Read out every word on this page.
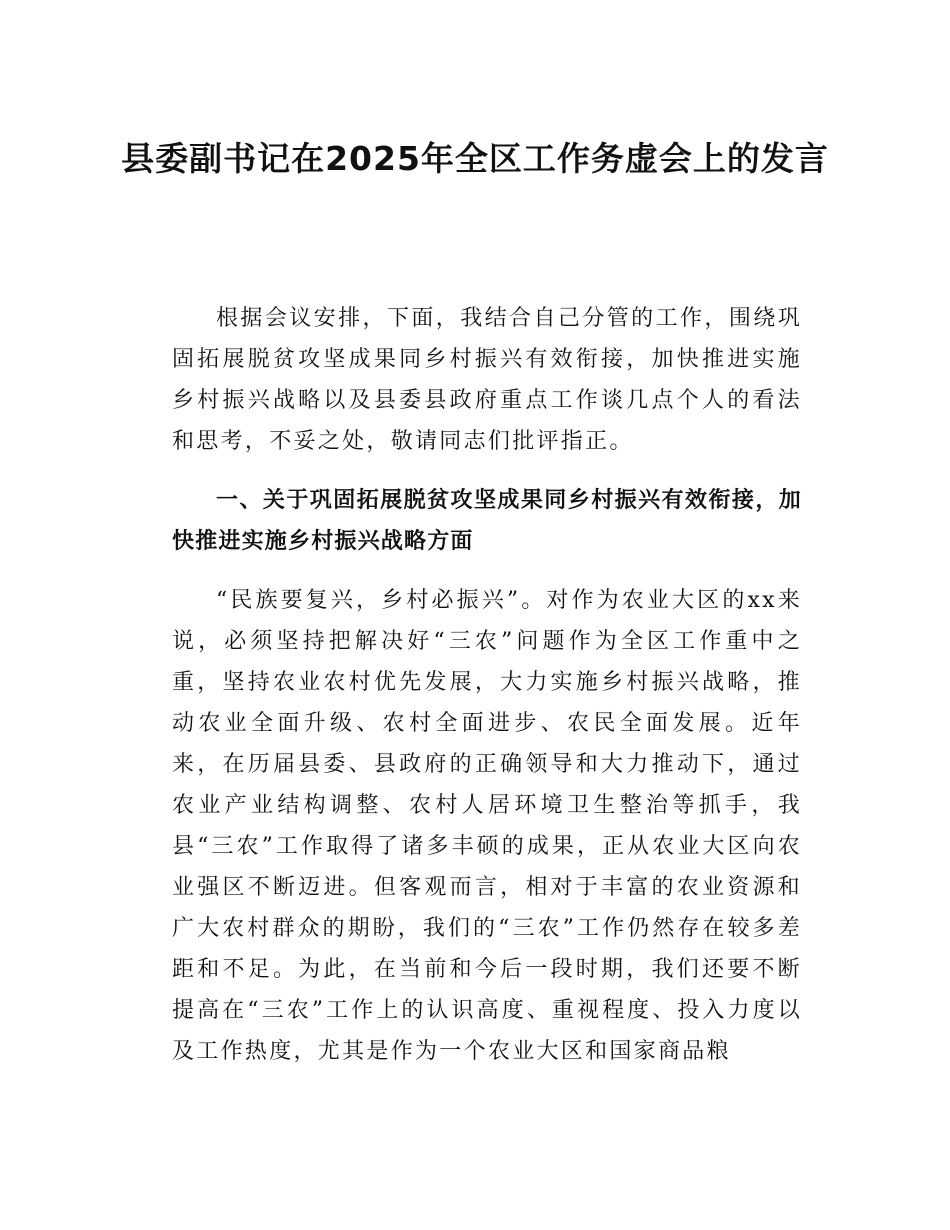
县委副书记在2025年全区工作务虚会上的发言

根据会议安排，下面，我结合自己分管的工作，围绕巩固拓展脱贫攻坚成果同乡村振兴有效衔接，加快推进实施乡村振兴战略以及县委县政府重点工作谈几点个人的看法和思考，不妥之处，敬请同志们批评指正。

一、关于巩固拓展脱贫攻坚成果同乡村振兴有效衔接，加快推进实施乡村振兴战略方面

“民族要复兴，乡村必振兴”。对作为农业大区的xx来说，必须坚持把解决好“三农”问题作为全区工作重中之重，坚持农业农村优先发展，大力实施乡村振兴战略，推动农业全面升级、农村全面进步、农民全面发展。近年来，在历届县委、县政府的正确领导和大力推动下，通过农业产业结构调整、农村人居环境卫生整治等抓手，我县“三农”工作取得了诸多丰硕的成果，正从农业大区向农业强区不断迈进。但客观而言，相对于丰富的农业资源和广大农村群众的期盼，我们的“三农”工作仍然存在较多差距和不足。为此，在当前和今后一段时期，我们还要不断提高在“三农”工作上的认识高度、重视程度、投入力度以及工作热度，尤其是作为一个农业大区和国家商品粮
